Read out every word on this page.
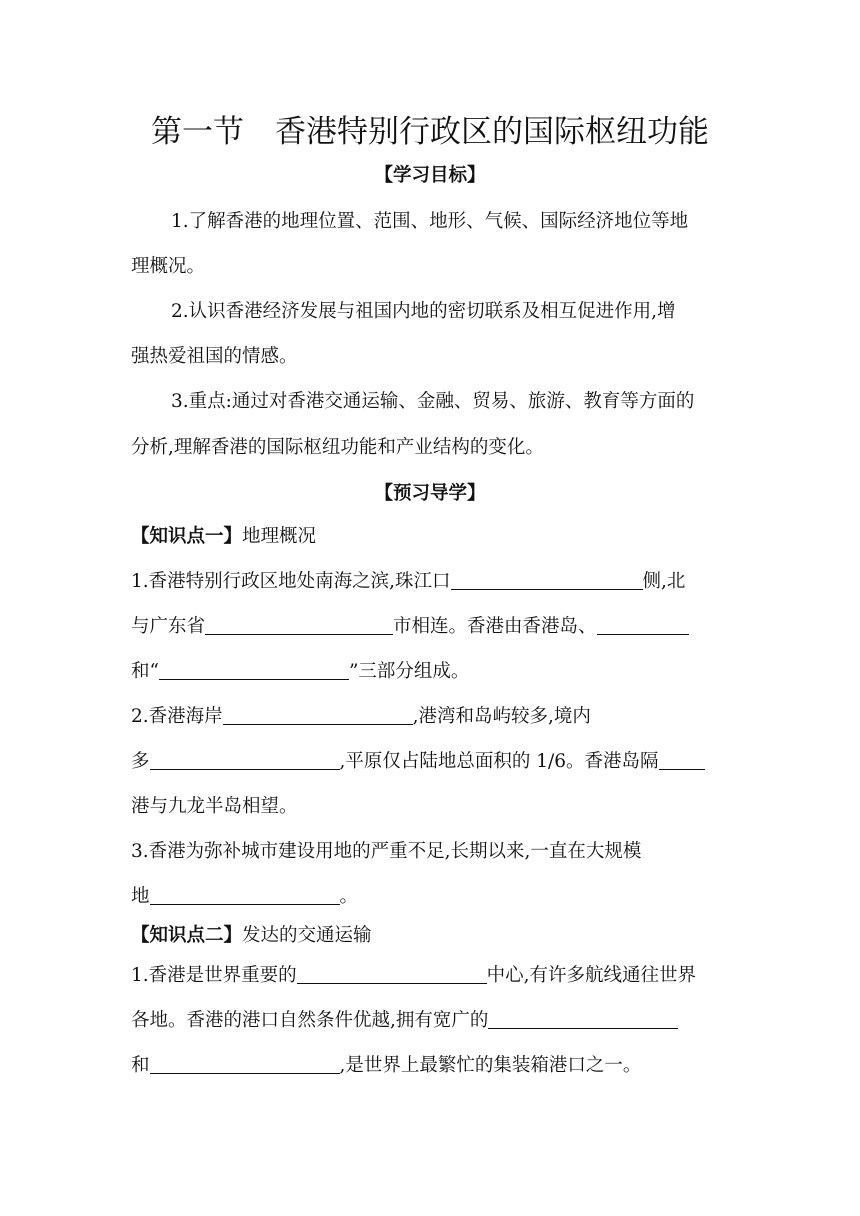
第一节　香港特别行政区的国际枢纽功能
【学习目标】
1.了解香港的地理位置、范围、地形、气候、国际经济地位等地
理概况。
2.认识香港经济发展与祖国内地的密切联系及相互促进作用,增
强热爱祖国的情感。
3.重点:通过对香港交通运输、金融、贸易、旅游、教育等方面的
分析,理解香港的国际枢纽功能和产业结构的变化。
【预习导学】
【知识点一】地理概况
1.香港特别行政区地处南海之滨,珠江口	侧,北
与广东省	市相连。香港由香港岛、
和“	”三部分组成。
2.香港海岸	,港湾和岛屿较多,境内
多	,平原仅占陆地总面积的 1/6。香港岛隔
港与九龙半岛相望。
3.香港为弥补城市建设用地的严重不足,长期以来,一直在大规模
地	。
【知识点二】发达的交通运输
1.香港是世界重要的	中心,有许多航线通往世界
各地。香港的港口自然条件优越,拥有宽广的
和	,是世界上最繁忙的集装箱港口之一。
